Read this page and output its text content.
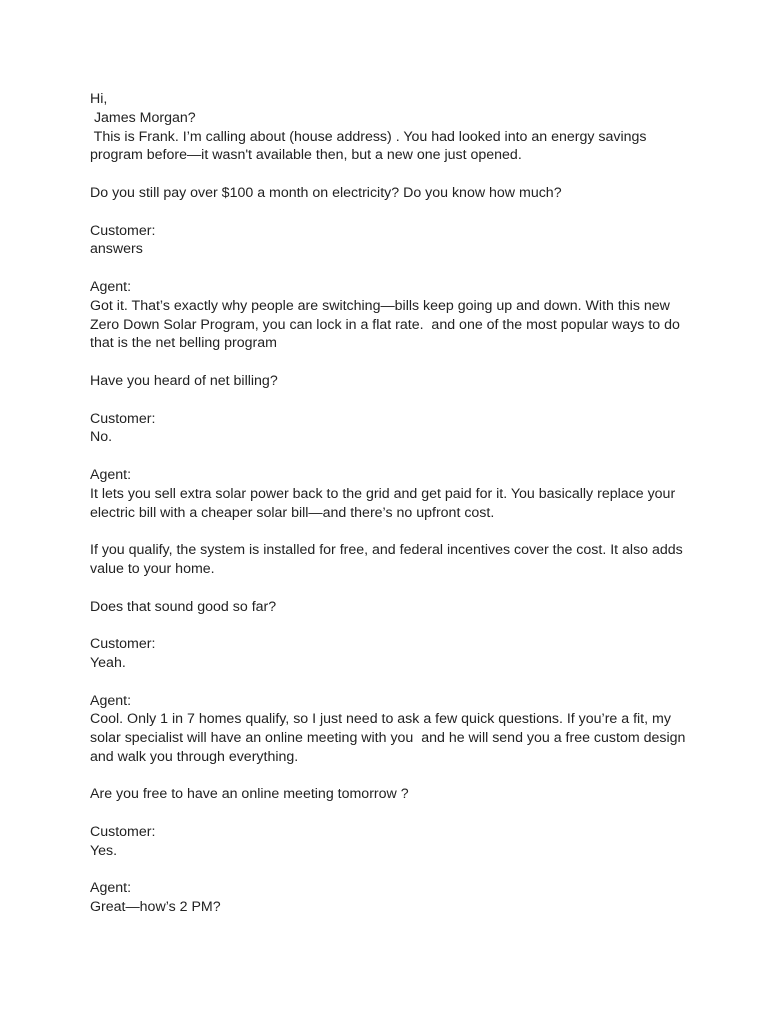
Hi,
James Morgan?
This is Frank. I’m calling about (house address) . You had looked into an energy savings
program before—it wasn't available then, but a new one just opened.
Do you still pay over $100 a month on electricity? Do you know how much?
Customer:
answers
Agent:
Got it. That’s exactly why people are switching—bills keep going up and down. With this new
Zero Down Solar Program, you can lock in a flat rate.  and one of the most popular ways to do
that is the net belling program
Have you heard of net billing?
Customer:
No.
Agent:
It lets you sell extra solar power back to the grid and get paid for it. You basically replace your
electric bill with a cheaper solar bill—and there’s no upfront cost.
If you qualify, the system is installed for free, and federal incentives cover the cost. It also adds
value to your home.
Does that sound good so far?
Customer:
Yeah.
Agent:
Cool. Only 1 in 7 homes qualify, so I just need to ask a few quick questions. If you’re a fit, my
solar specialist will have an online meeting with you  and he will send you a free custom design
and walk you through everything.
Are you free to have an online meeting tomorrow ?
Customer:
Yes.
Agent:
Great—how’s 2 PM?
